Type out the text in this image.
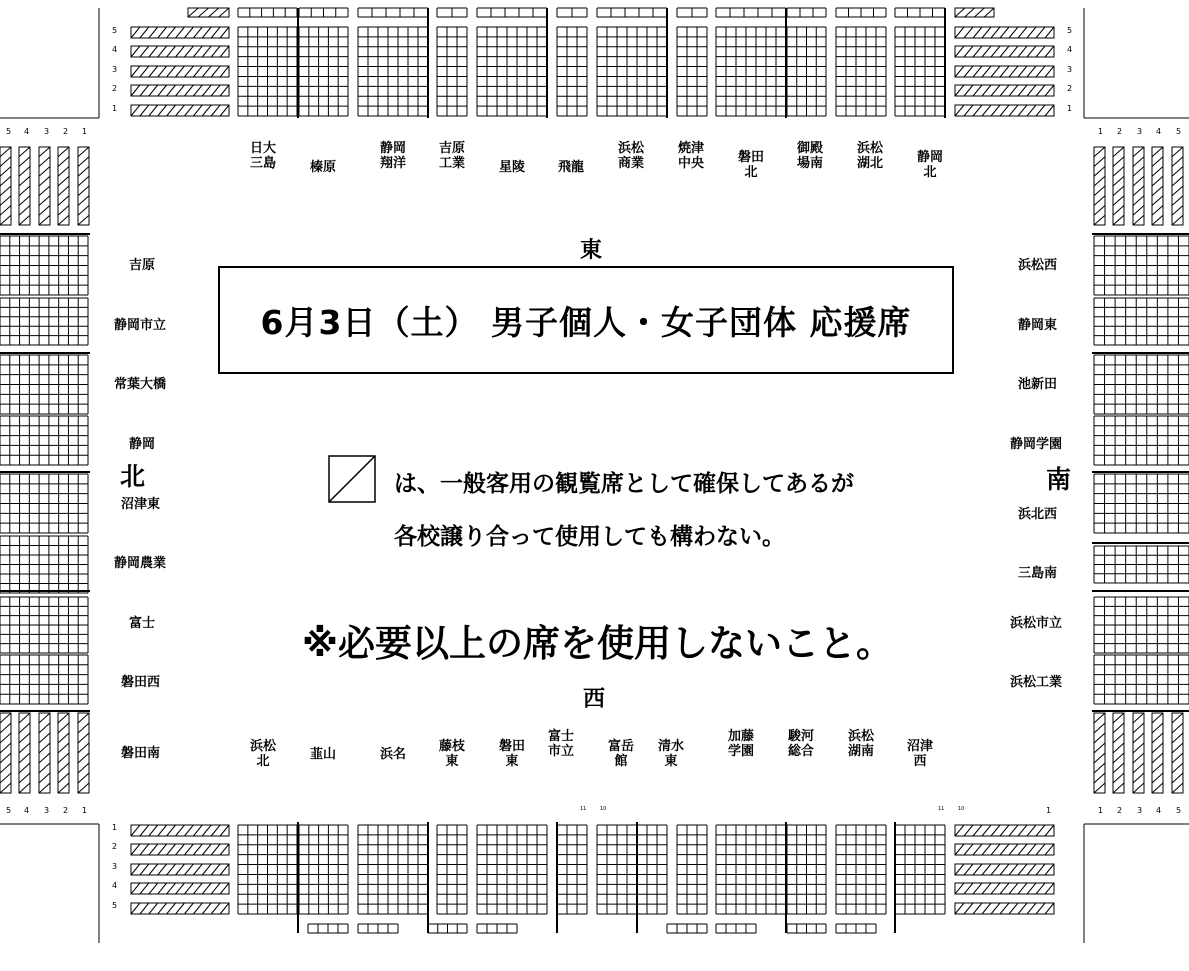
5
4
3
2
1
5
4
3
2
1
1
2
3
4
5
5 4 3 2 1	1 2 3 4 5
5 4 3 2 1	1 2 3 4 5
11	10	11	10	1
日大三島	榛原
静岡翔洋
吉原工業	星陵	飛龍
浜松商業
焼津中央	磐田北
御殿場南
浜松湖北	静岡北
浜松北	韮山	浜名
藤枝東
磐田東
富士市立	富岳館
清水東
加藤学園
駿河総合
浜松湖南	沼津西
吉原
静岡市立
常葉大橋
静岡
沼津東
静岡農業
富士
磐田西
磐田南
浜松西
静岡東
池新田
静岡学園
浜北西
三島南
浜松市立
浜松工業
東
西
北	南
6月3日（土） 男子個人・女子団体 応援席
は、一般客用の観覧席として確保してあるが
各校譲り合って使用しても構わない。
※必要以上の席を使用しないこと。
